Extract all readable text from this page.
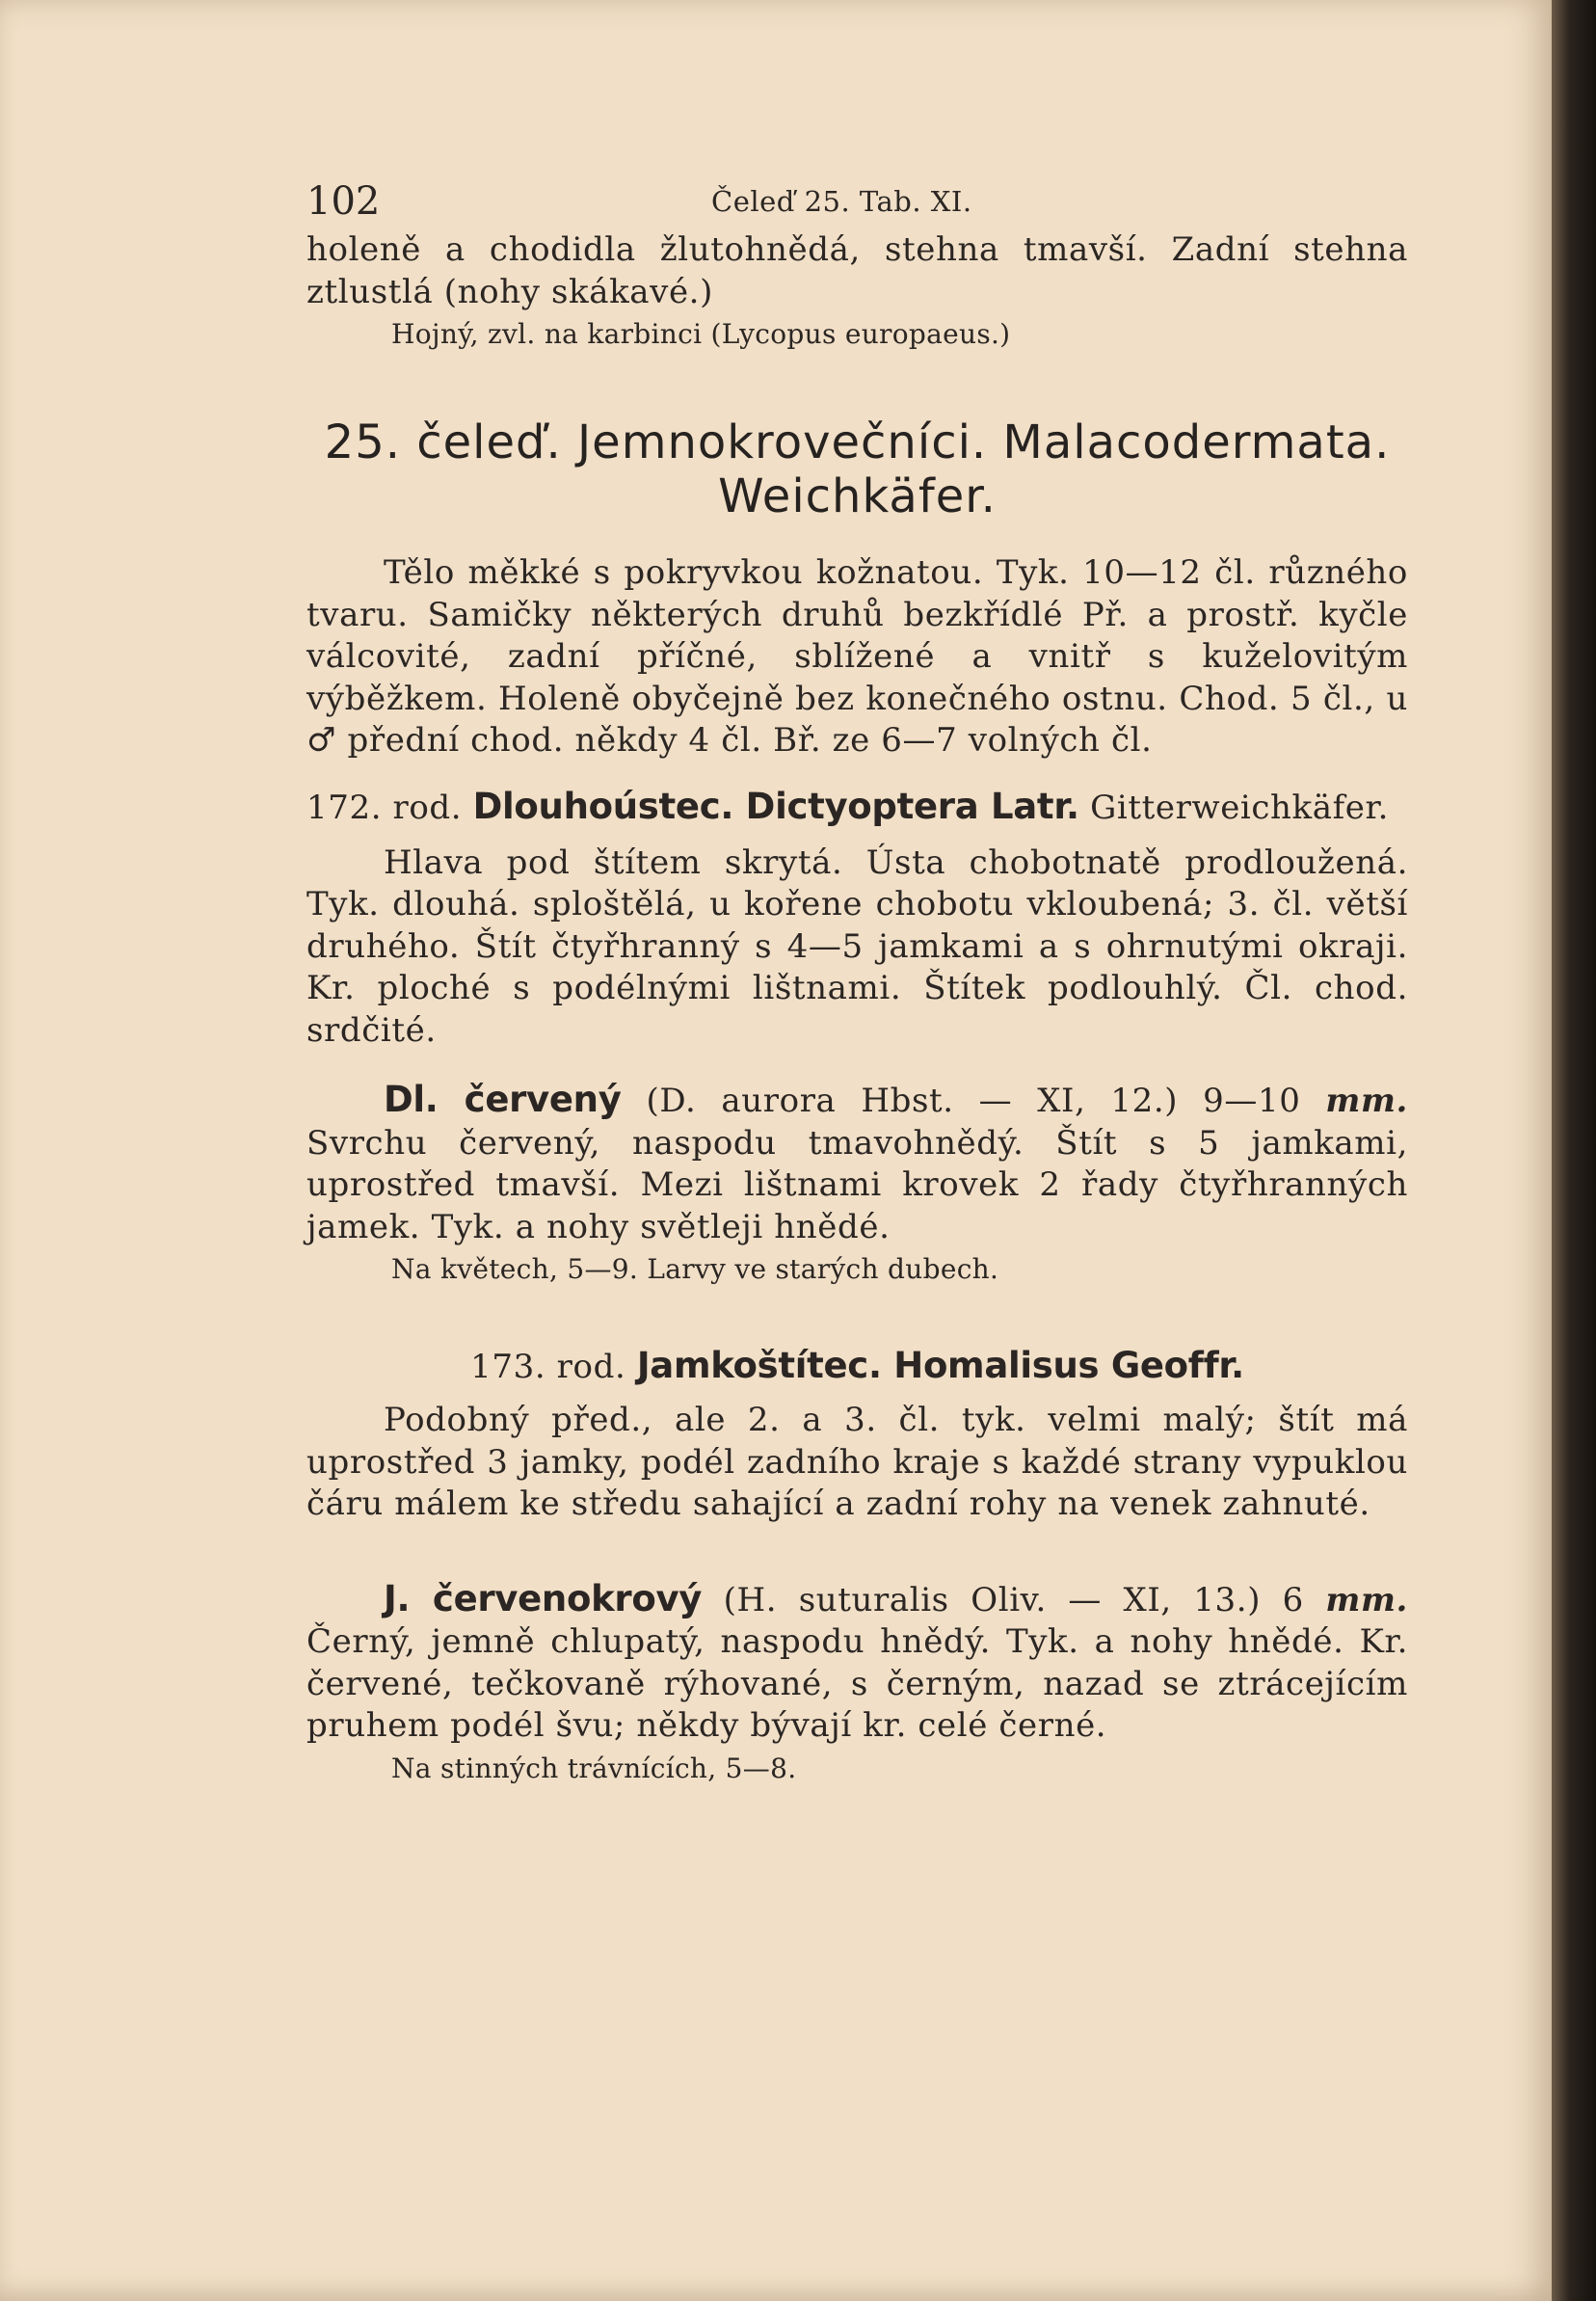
102	Čeleď 25. Tab. XI.

holeně a chodidla žlutohnědá, stehna tmavší. Zadní stehna ztlustlá (nohy skákavé.)

Hojný, zvl. na karbinci (Lycopus europaeus.)

25. čeleď. Jemnokrovečníci. Malacodermata.
Weichkäfer.

Tělo měkké s pokryvkou kožnatou. Tyk. 10—12 čl. různého tvaru. Samičky některých druhů bezkřídlé Př. a prostř. kyčle válcovité, zadní příčné, sblížené a vnitř s kuželovitým výběžkem. Holeně obyčejně bez konečného ostnu. Chod. 5 čl., u ♂ přední chod. někdy 4 čl. Bř. ze 6—7 volných čl.

172. rod. Dlouhoústec. Dictyoptera Latr. Gitterweichkäfer.

Hlava pod štítem skrytá. Ústa chobotnatě prodloužená. Tyk. dlouhá. sploštělá, u kořene chobotu vkloubená; 3. čl. větší druhého. Štít čtyřhranný s 4—5 jamkami a s ohrnutými okraji. Kr. ploché s podélnými lištnami. Štítek podlouhlý. Čl. chod. srdčité.

Dl. červený (D. aurora Hbst. — XI, 12.) 9—10 mm. Svrchu červený, naspodu tmavohnědý. Štít s 5 jamkami, uprostřed tmavší. Mezi lištnami krovek 2 řady čtyřhranných jamek. Tyk. a nohy světleji hnědé.

Na květech, 5—9. Larvy ve starých dubech.

173. rod. Jamkoštítec. Homalisus Geoffr.

Podobný před., ale 2. a 3. čl. tyk. velmi malý; štít má uprostřed 3 jamky, podél zadního kraje s každé strany vypuklou čáru málem ke středu sahající a zadní rohy na venek zahnuté.

J. červenokrový (H. suturalis Oliv. — XI, 13.) 6 mm. Černý, jemně chlupatý, naspodu hnědý. Tyk. a nohy hnědé. Kr. červené, tečkovaně rýhované, s černým, nazad se ztrácejícím pruhem podél švu; někdy bývají kr. celé černé.

Na stinných trávnících, 5—8.
